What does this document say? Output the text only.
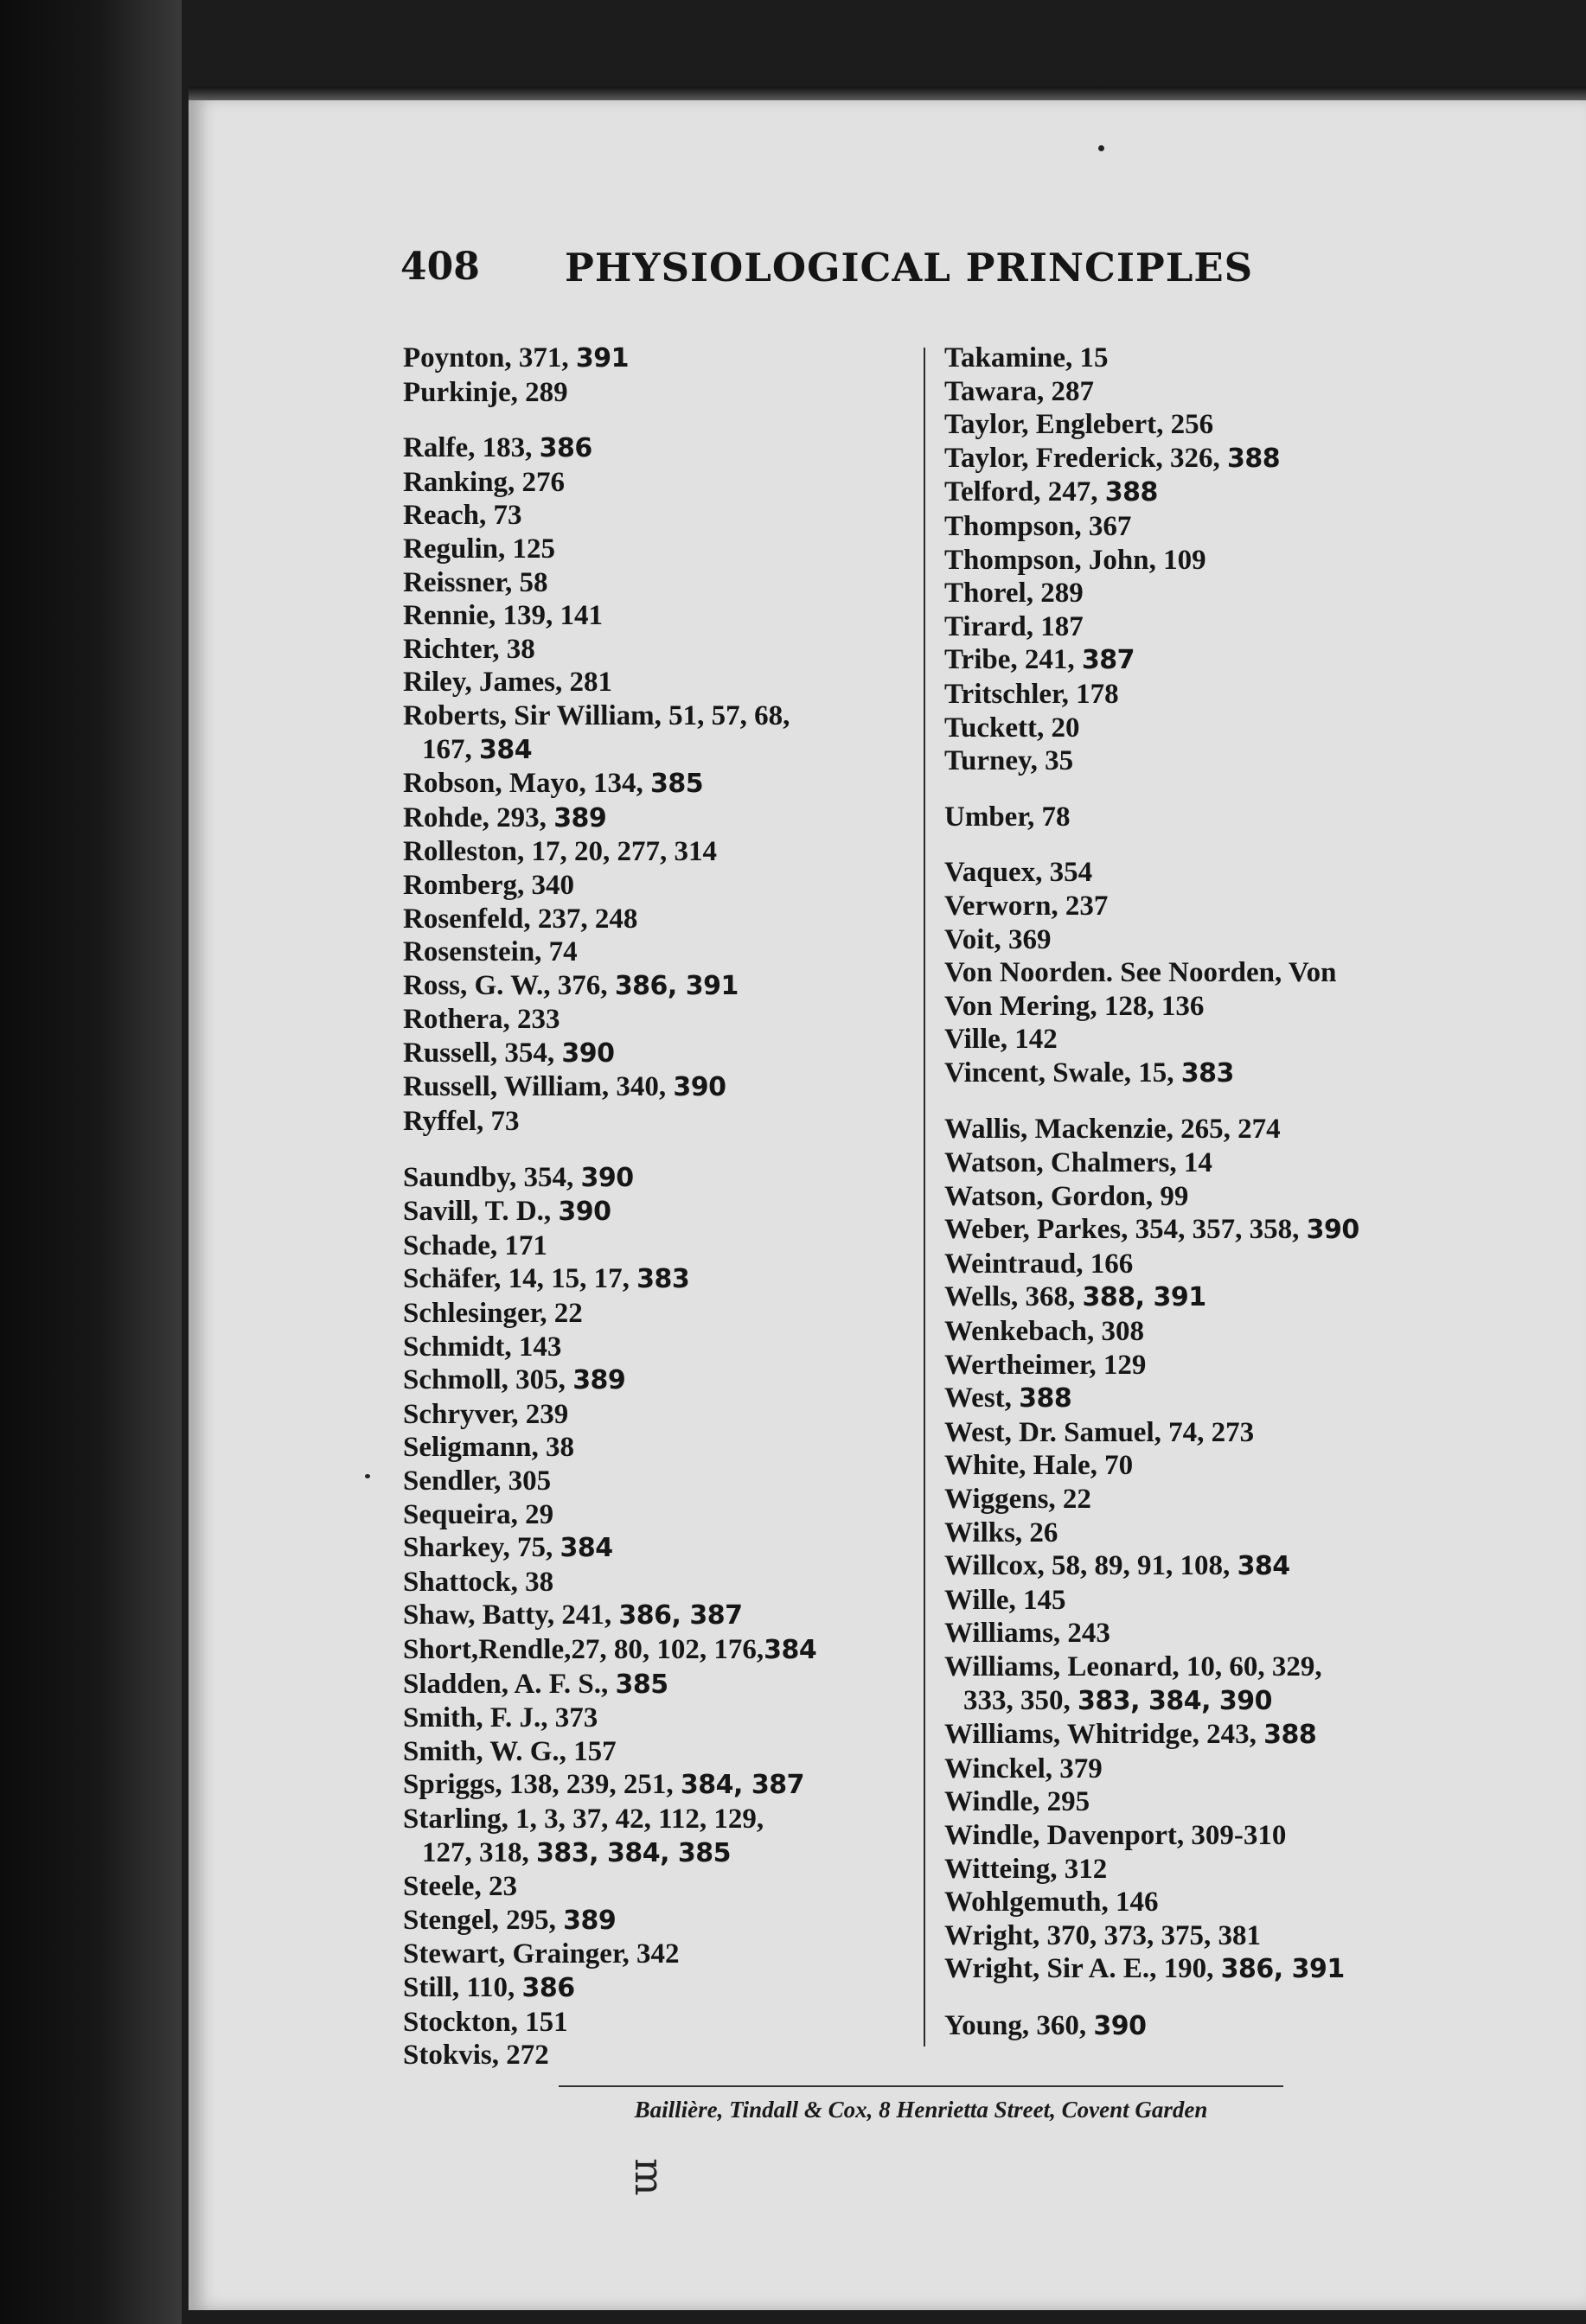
408 PHYSIOLOGICAL PRINCIPLES
Poynton, 371, 391
Purkinje, 289
Ralfe, 183, 386
Ranking, 276
Reach, 73
Regulin, 125
Reissner, 58
Rennie, 139, 141
Richter, 38
Riley, James, 281
Roberts, Sir William, 51, 57, 68,
167, 384
Robson, Mayo, 134, 385
Rohde, 293, 389
Rolleston, 17, 20, 277, 314
Romberg, 340
Rosenfeld, 237, 248
Rosenstein, 74
Ross, G. W., 376, 386, 391
Rothera, 233
Russell, 354, 390
Russell, William, 340, 390
Ryffel, 73
Saundby, 354, 390
Savill, T. D., 390
Schade, 171
Schäfer, 14, 15, 17, 383
Schlesinger, 22
Schmidt, 143
Schmoll, 305, 389
Schryver, 239
Seligmann, 38
Sendler, 305
Sequeira, 29
Sharkey, 75, 384
Shattock, 38
Shaw, Batty, 241, 386, 387
Short,Rendle,27, 80, 102, 176,384
Sladden, A. F. S., 385
Smith, F. J., 373
Smith, W. G., 157
Spriggs, 138, 239, 251, 384, 387
Starling, 1, 3, 37, 42, 112, 129,
127, 318, 383, 384, 385
Steele, 23
Stengel, 295, 389
Stewart, Grainger, 342
Still, 110, 386
Stockton, 151
Stokvis, 272
Takamine, 15
Tawara, 287
Taylor, Englebert, 256
Taylor, Frederick, 326, 388
Telford, 247, 388
Thompson, 367
Thompson, John, 109
Thorel, 289
Tirard, 187
Tribe, 241, 387
Tritschler, 178
Tuckett, 20
Turney, 35
Umber, 78
Vaquex, 354
Verworn, 237
Voit, 369
Von Noorden. See Noorden, Von
Von Mering, 128, 136
Ville, 142
Vincent, Swale, 15, 383
Wallis, Mackenzie, 265, 274
Watson, Chalmers, 14
Watson, Gordon, 99
Weber, Parkes, 354, 357, 358, 390
Weintraud, 166
Wells, 368, 388, 391
Wenkebach, 308
Wertheimer, 129
West, 388
West, Dr. Samuel, 74, 273
White, Hale, 70
Wiggens, 22
Wilks, 26
Willcox, 58, 89, 91, 108, 384
Wille, 145
Williams, 243
Williams, Leonard, 10, 60, 329,
333, 350, 383, 384, 390
Williams, Whitridge, 243, 388
Winckel, 379
Windle, 295
Windle, Davenport, 309-310
Witteing, 312
Wohlgemuth, 146
Wright, 370, 373, 375, 381
Wright, Sir A. E., 190, 386, 391
Young, 360, 390
Baillière, Tindall & Cox, 8 Henrietta Street, Covent Garden
ᴟ
